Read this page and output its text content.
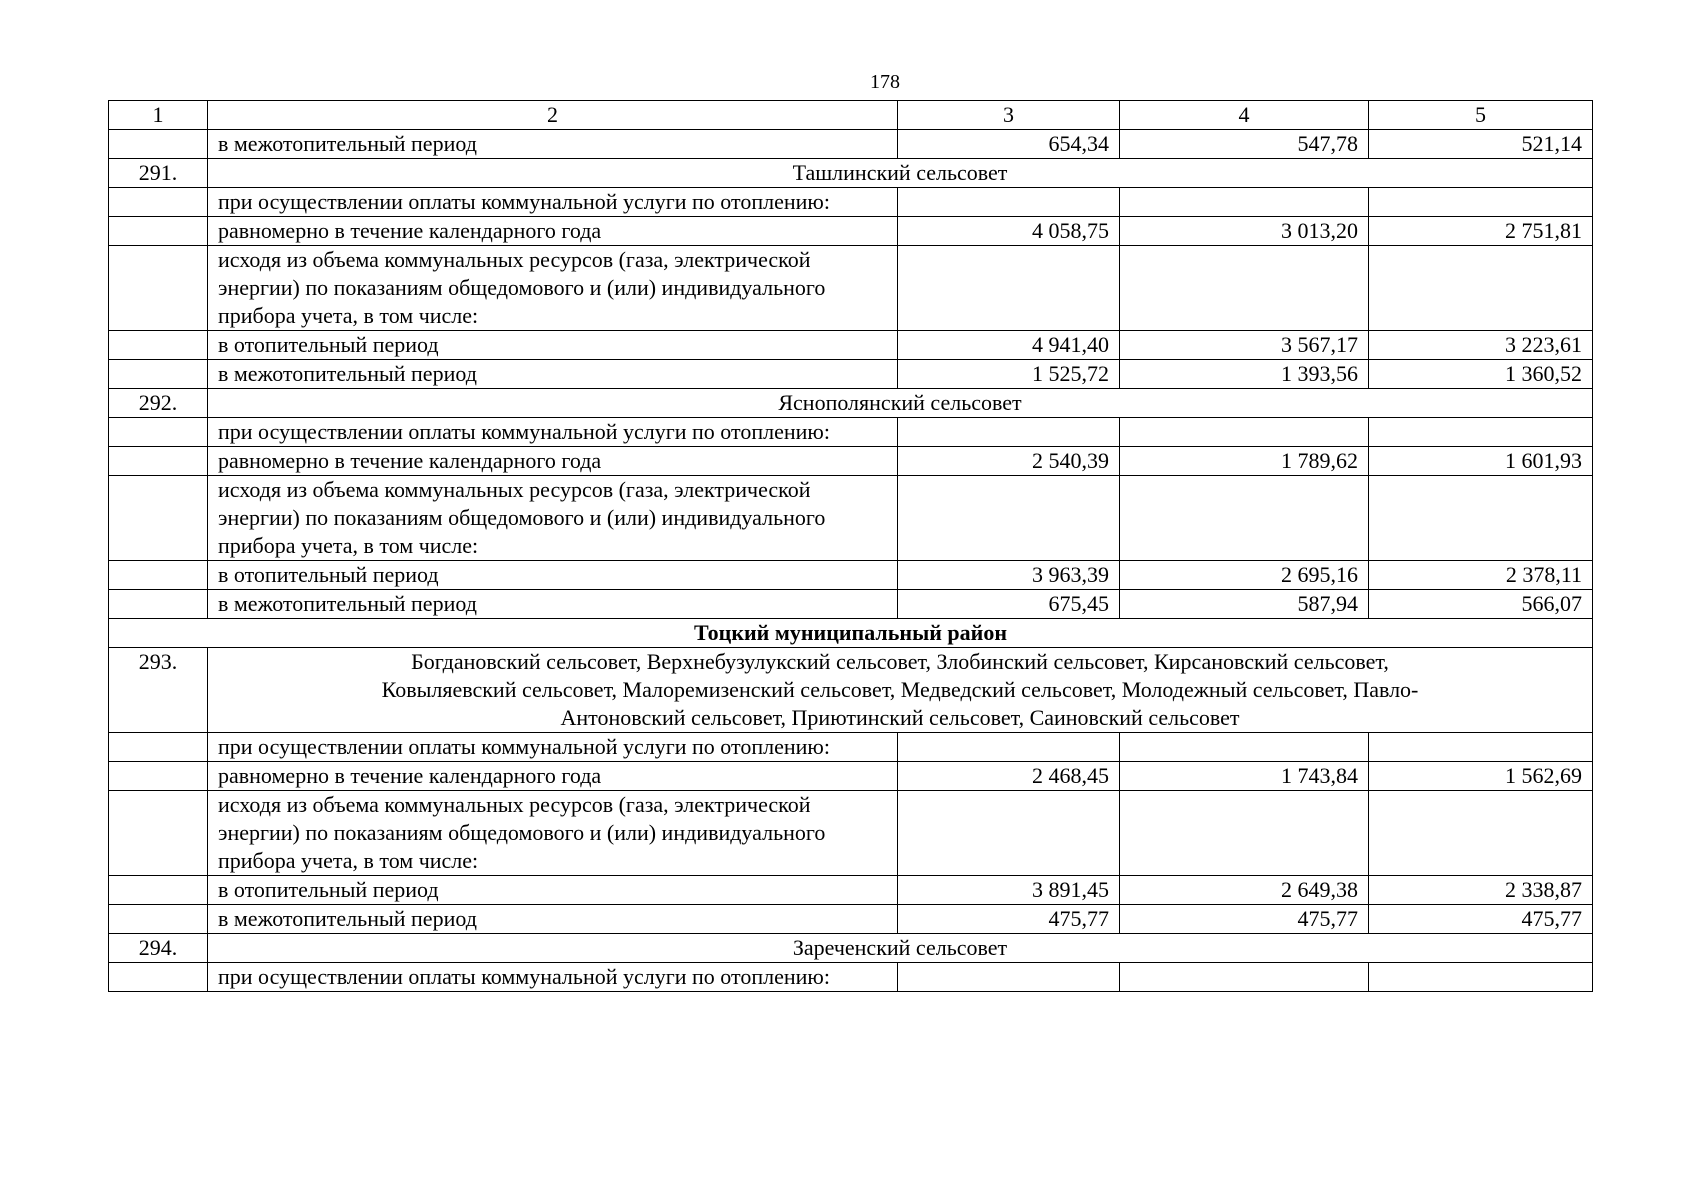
178
1	2	3	4	5
	в межотопительный период	654,34	547,78	521,14
291.	Ташлинский сельсовет			
	при осуществлении оплаты коммунальной услуги по отоплению:			
	равномерно в течение календарного года	4 058,75	3 013,20	2 751,81
	исходя из объема коммунальных ресурсов (газа, электрической энергии) по показаниям общедомового и (или) индивидуального прибора учета, в том числе:			
	в отопительный период	4 941,40	3 567,17	3 223,61
	в межотопительный период	1 525,72	1 393,56	1 360,52
292.	Яснополянский сельсовет			
	при осуществлении оплаты коммунальной услуги по отоплению:			
	равномерно в течение календарного года	2 540,39	1 789,62	1 601,93
	исходя из объема коммунальных ресурсов (газа, электрической энергии) по показаниям общедомового и (или) индивидуального прибора учета, в том числе:			
	в отопительный период	3 963,39	2 695,16	2 378,11
	в межотопительный период	675,45	587,94	566,07
Тоцкий муниципальный район				
293.	Богдановский сельсовет, Верхнебузулукский сельсовет, Злобинский сельсовет, Кирсановский сельсовет, Ковыляевский сельсовет, Малоремизенский сельсовет, Медведский сельсовет, Молодежный сельсовет, Павло-Антоновский сельсовет, Приютинский сельсовет, Саиновский сельсовет			
	при осуществлении оплаты коммунальной услуги по отоплению:			
	равномерно в течение календарного года	2 468,45	1 743,84	1 562,69
	исходя из объема коммунальных ресурсов (газа, электрической энергии) по показаниям общедомового и (или) индивидуального прибора учета, в том числе:			
	в отопительный период	3 891,45	2 649,38	2 338,87
	в межотопительный период	475,77	475,77	475,77
294.	Зареченский сельсовет			
	при осуществлении оплаты коммунальной услуги по отоплению:			
